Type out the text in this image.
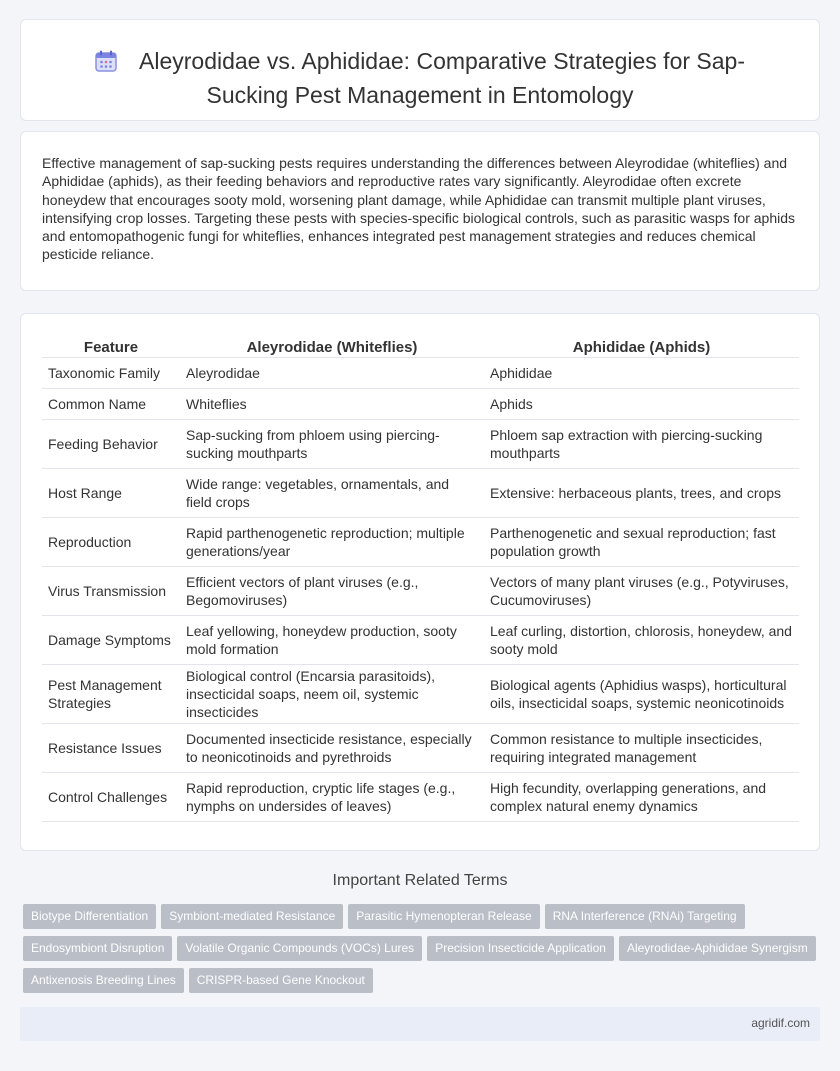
Aleyrodidae vs. Aphididae: Comparative Strategies for Sap-
Sucking Pest Management in Entomology

Effective management of sap-sucking pests requires understanding the differences between Aleyrodidae (whiteflies) and Aphididae (aphids), as their feeding behaviors and reproductive rates vary significantly. Aleyrodidae often excrete honeydew that encourages sooty mold, worsening plant damage, while Aphididae can transmit multiple plant viruses, intensifying crop losses. Targeting these pests with species-specific biological controls, such as parasitic wasps for aphids and entomopathogenic fungi for whiteflies, enhances integrated pest management strategies and reduces chemical pesticide reliance.

Feature	Aleyrodidae (Whiteflies)	Aphididae (Aphids)
Taxonomic Family	Aleyrodidae	Aphididae
Common Name	Whiteflies	Aphids
Feeding Behavior	Sap-sucking from phloem using piercing-sucking mouthparts	Phloem sap extraction with piercing-sucking mouthparts
Host Range	Wide range: vegetables, ornamentals, and field crops	Extensive: herbaceous plants, trees, and crops
Reproduction	Rapid parthenogenetic reproduction; multiple generations/year	Parthenogenetic and sexual reproduction; fast population growth
Virus Transmission	Efficient vectors of plant viruses (e.g., Begomoviruses)	Vectors of many plant viruses (e.g., Potyviruses, Cucumoviruses)
Damage Symptoms	Leaf yellowing, honeydew production, sooty mold formation	Leaf curling, distortion, chlorosis, honeydew, and sooty mold
Pest Management Strategies	Biological control (Encarsia parasitoids), insecticidal soaps, neem oil, systemic insecticides	Biological agents (Aphidius wasps), horticultural oils, insecticidal soaps, systemic neonicotinoids
Resistance Issues	Documented insecticide resistance, especially to neonicotinoids and pyrethroids	Common resistance to multiple insecticides, requiring integrated management
Control Challenges	Rapid reproduction, cryptic life stages (e.g., nymphs on undersides of leaves)	High fecundity, overlapping generations, and complex natural enemy dynamics
Important Related Terms
Biotype Differentiation Symbiont-mediated Resistance Parasitic Hymenopteran Release RNA Interference (RNAi) Targeting
Endosymbiont Disruption Volatile Organic Compounds (VOCs) Lures Precision Insecticide Application Aleyrodidae-Aphididae Synergism
Antixenosis Breeding Lines CRISPR-based Gene Knockout
agridif.com
